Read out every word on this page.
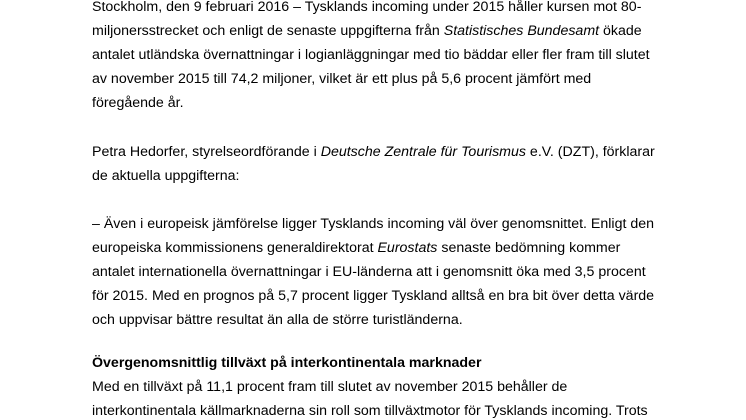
Stockholm, den 9 februari 2016 – Tysklands incoming under 2015 håller kursen mot 80-
miljonersstrecket och enligt de senaste uppgifterna från Statistisches Bundesamt ökade
antalet utländska övernattningar i logianläggningar med tio bäddar eller fler fram till slutet
av november 2015 till 74,2 miljoner, vilket är ett plus på 5,6 procent jämfört med
föregående år.
Petra Hedorfer, styrelseordförande i Deutsche Zentrale für Tourismus e.V. (DZT), förklarar
de aktuella uppgifterna:
– Även i europeisk jämförelse ligger Tysklands incoming väl över genomsnittet. Enligt den
europeiska kommissionens generaldirektorat Eurostats senaste bedömning kommer
antalet internationella övernattningar i EU-länderna att i genomsnitt öka med 3,5 procent
för 2015. Med en prognos på 5,7 procent ligger Tyskland alltså en bra bit över detta värde
och uppvisar bättre resultat än alla de större turistländerna.
Övergenomsnittlig tillväxt på interkontinentala marknader
Med en tillväxt på 11,1 procent fram till slutet av november 2015 behåller de
interkontinentala källmarknaderna sin roll som tillväxtmotor för Tysklands incoming. Trots
